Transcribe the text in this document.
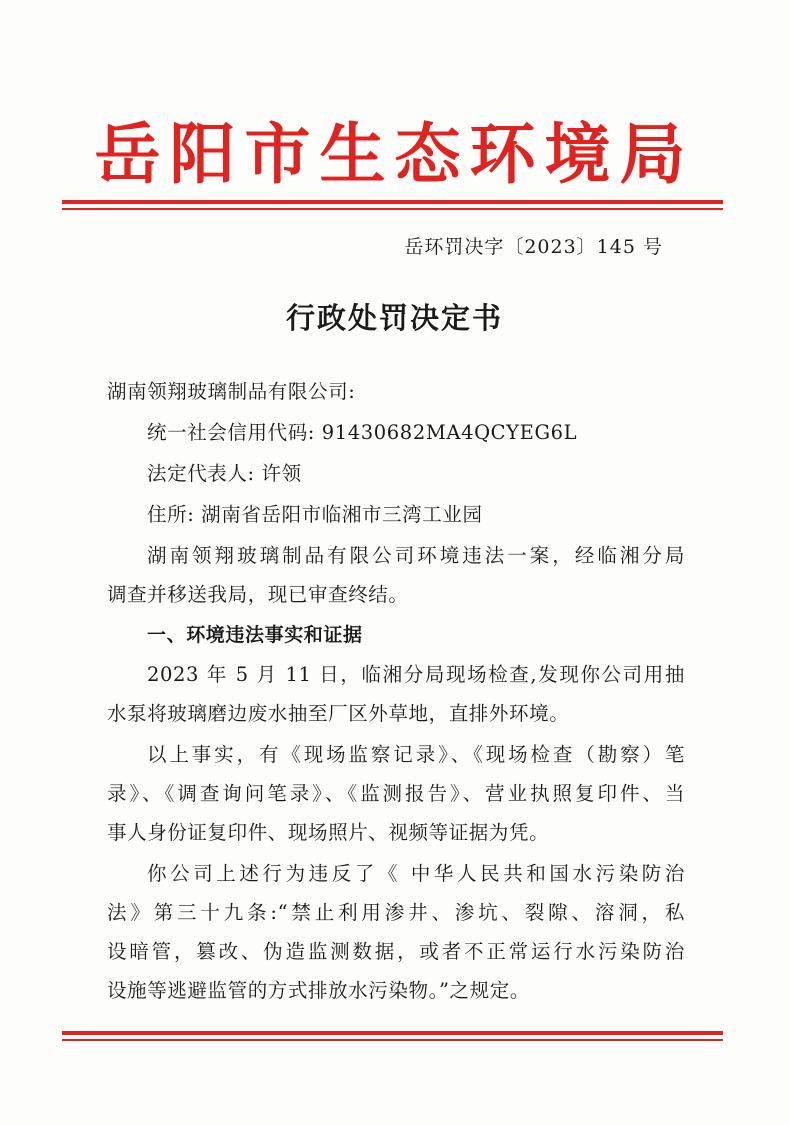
岳阳市生态环境局
岳环罚决字〔2023〕145 号
行政处罚决定书
湖南领翔玻璃制品有限公司:
统一社会信用代码: 91430682MA4QCYEG6L
法定代表人: 许领
住所: 湖南省岳阳市临湘市三湾工业园
湖南领翔玻璃制品有限公司环境违法一案，经临湘分局
调查并移送我局，现已审查终结。
一、环境违法事实和证据
2023 年 5 月 11 日，临湘分局现场检查,发现你公司用抽
水泵将玻璃磨边废水抽至厂区外草地，直排外环境。
以上事实，有《现场监察记录》、《现场检查（勘察）笔
录》、《调查询问笔录》、《监测报告》、营业执照复印件、当
事人身份证复印件、现场照片、视频等证据为凭。
你公司上述行为违反了《 中华人民共和国水污染防治
法》第三十九条:“禁止利用渗井、渗坑、裂隙、溶洞，私
设暗管，篡改、伪造监测数据，或者不正常运行水污染防治
设施等逃避监管的方式排放水污染物。”之规定。
